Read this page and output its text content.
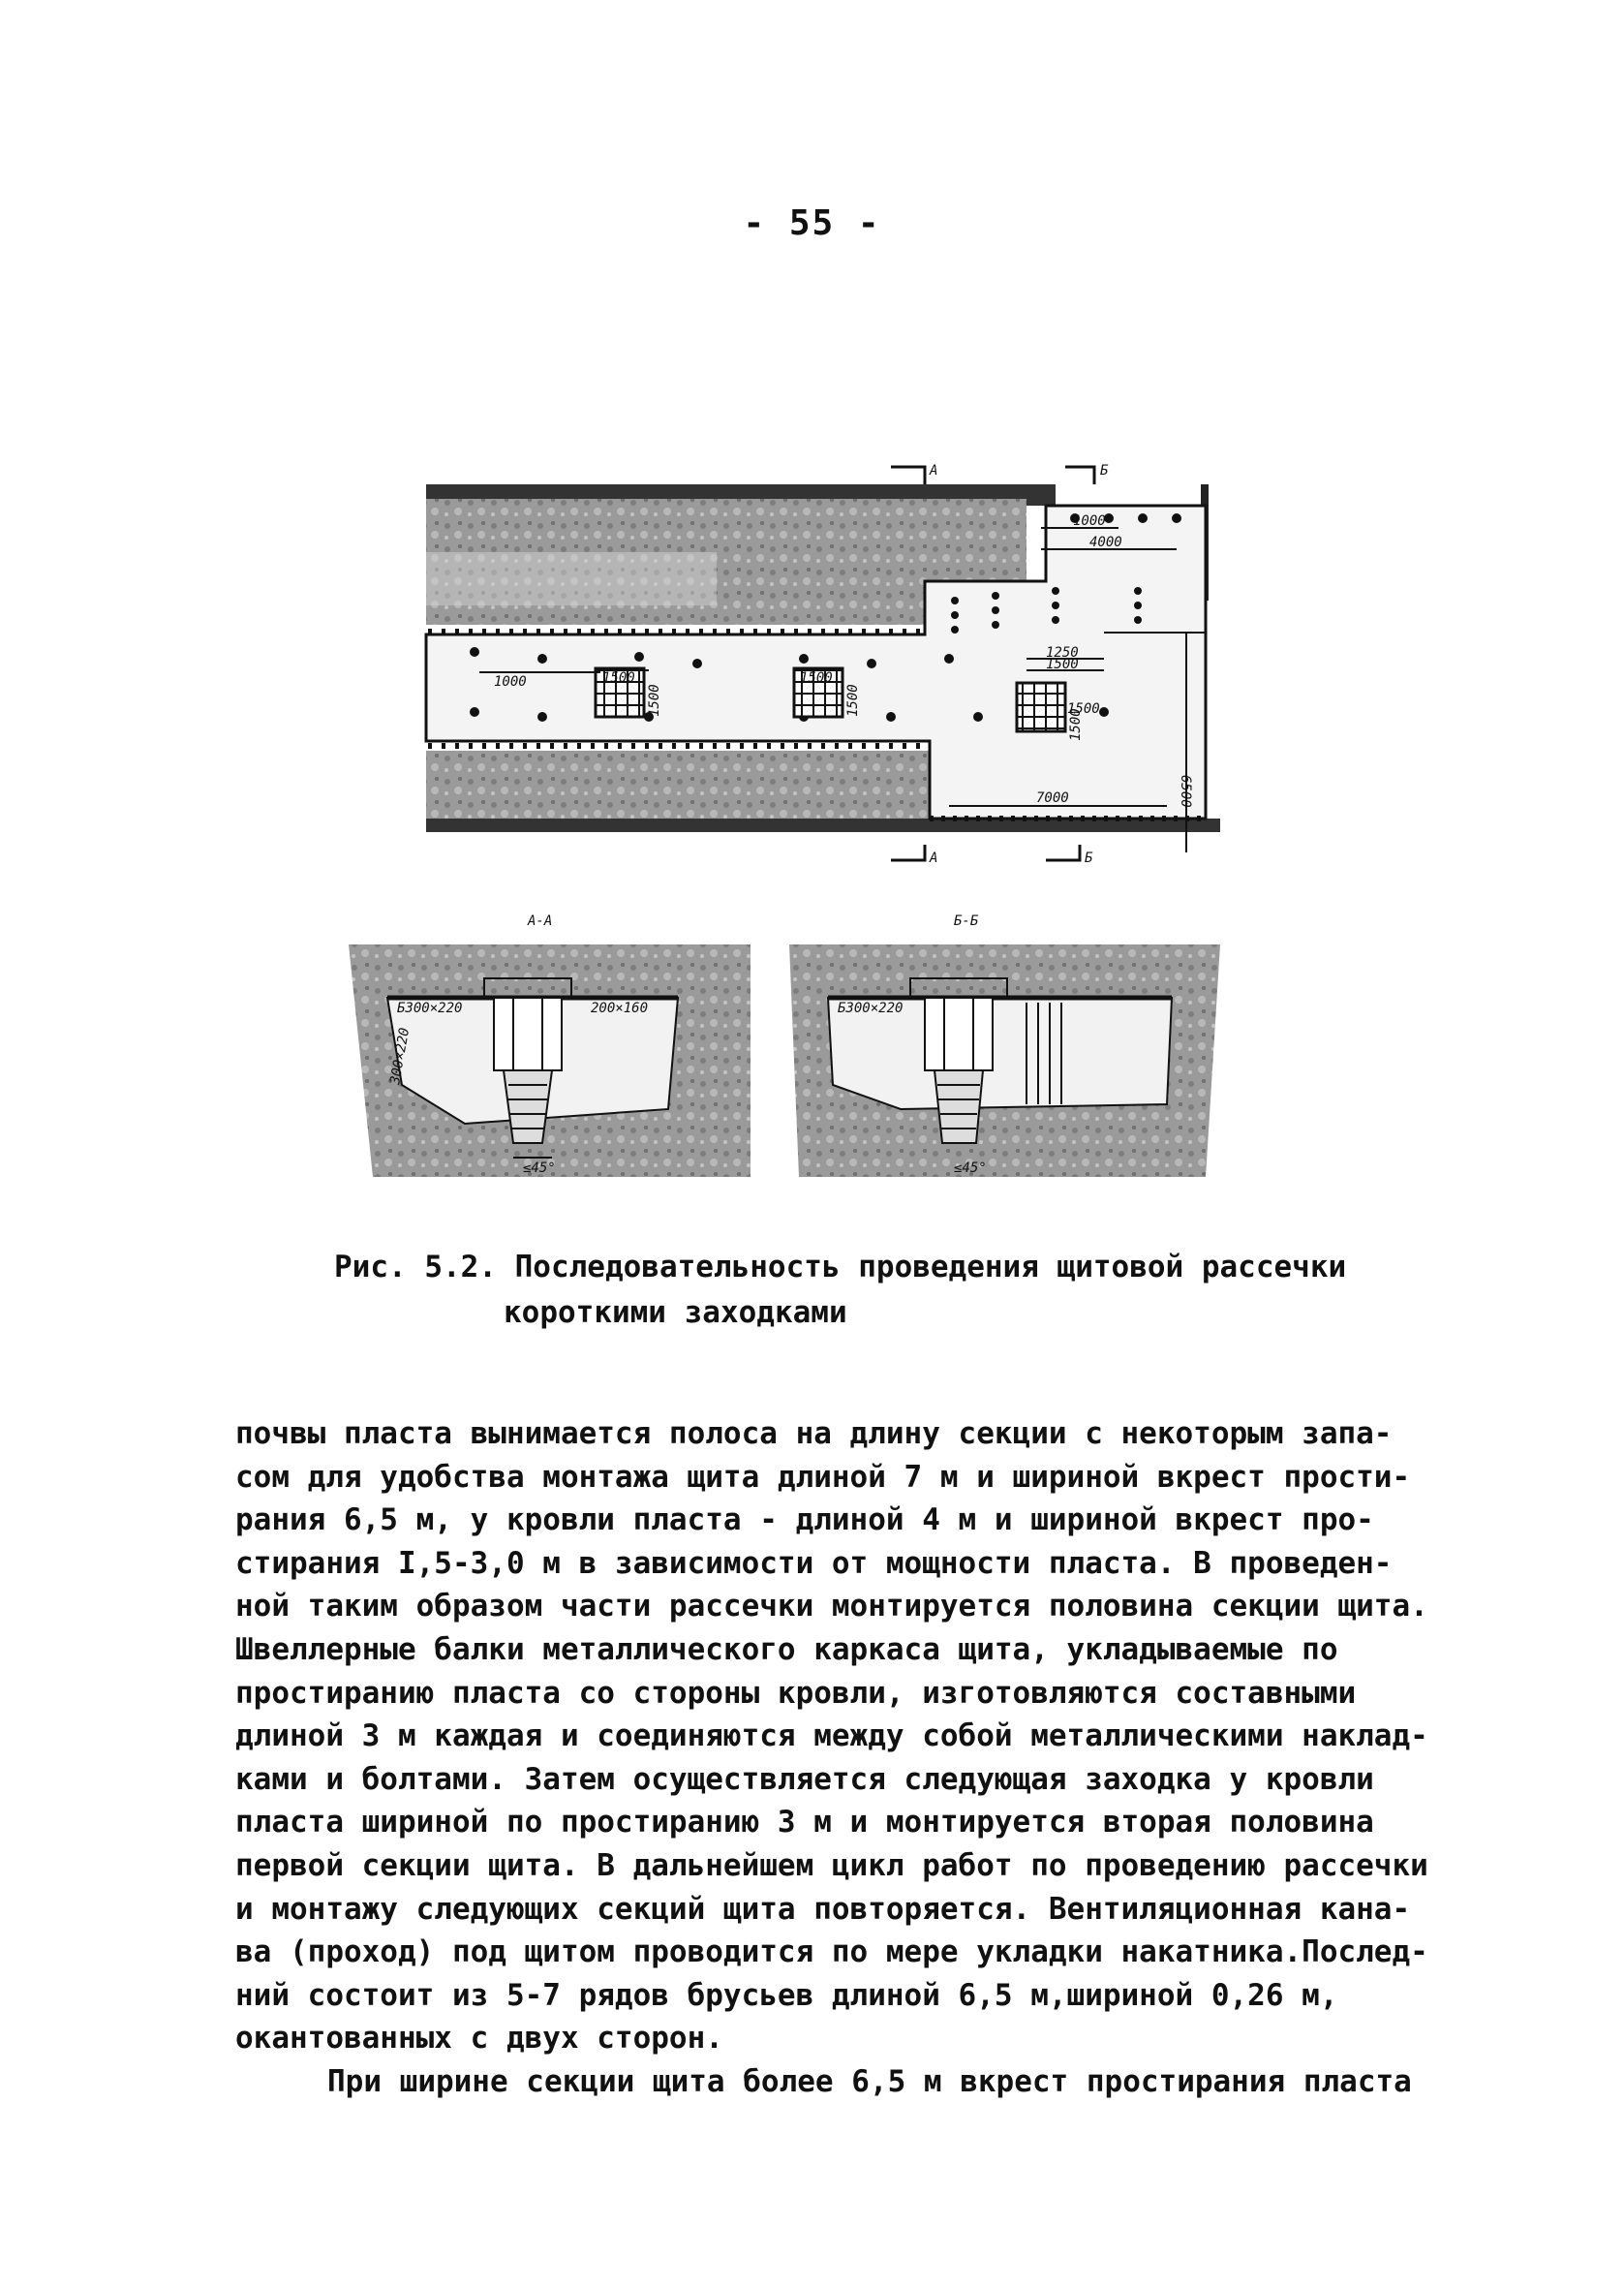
- 55 -
A	Б
А	Б
1000
4000
1250
1500
1000	1500	1500
1500
1500	1500
1500
7000	6500
А-А	Б-Б
Б300×220	200×160
300×220
≤45°
Б300×220
≤45°
Рис. 5.2. Последовательность проведения щитовой рассечки
короткими заходками
почвы пласта вынимается полоса на длину секции с некоторым запа-
сом для удобства монтажа щита длиной 7 м и шириной вкрест прости-
рания 6,5 м, у кровли пласта - длиной 4 м и шириной вкрест про-
стирания I,5-3,0 м в зависимости от мощности пласта. В проведен-
ной таким образом части рассечки монтируется половина секции щита.
Швеллерные балки металлического каркаса щита, укладываемые по
простиранию пласта со стороны кровли, изготовляются составными
длиной 3 м каждая и соединяются между собой металлическими наклад-
ками и болтами. Затем осуществляется следующая заходка у кровли
пласта шириной по простиранию 3 м и монтируется вторая половина
первой секции щита. В дальнейшем цикл работ по проведению рассечки
и монтажу следующих секций щита повторяется. Вентиляционная кана-
ва (проход) под щитом проводится по мере укладки накатника.Послед-
ний состоит из 5-7 рядов брусьев длиной 6,5 м,шириной 0,26 м,
окантованных с двух сторон.
При ширине секции щита более 6,5 м вкрест простирания пласта
